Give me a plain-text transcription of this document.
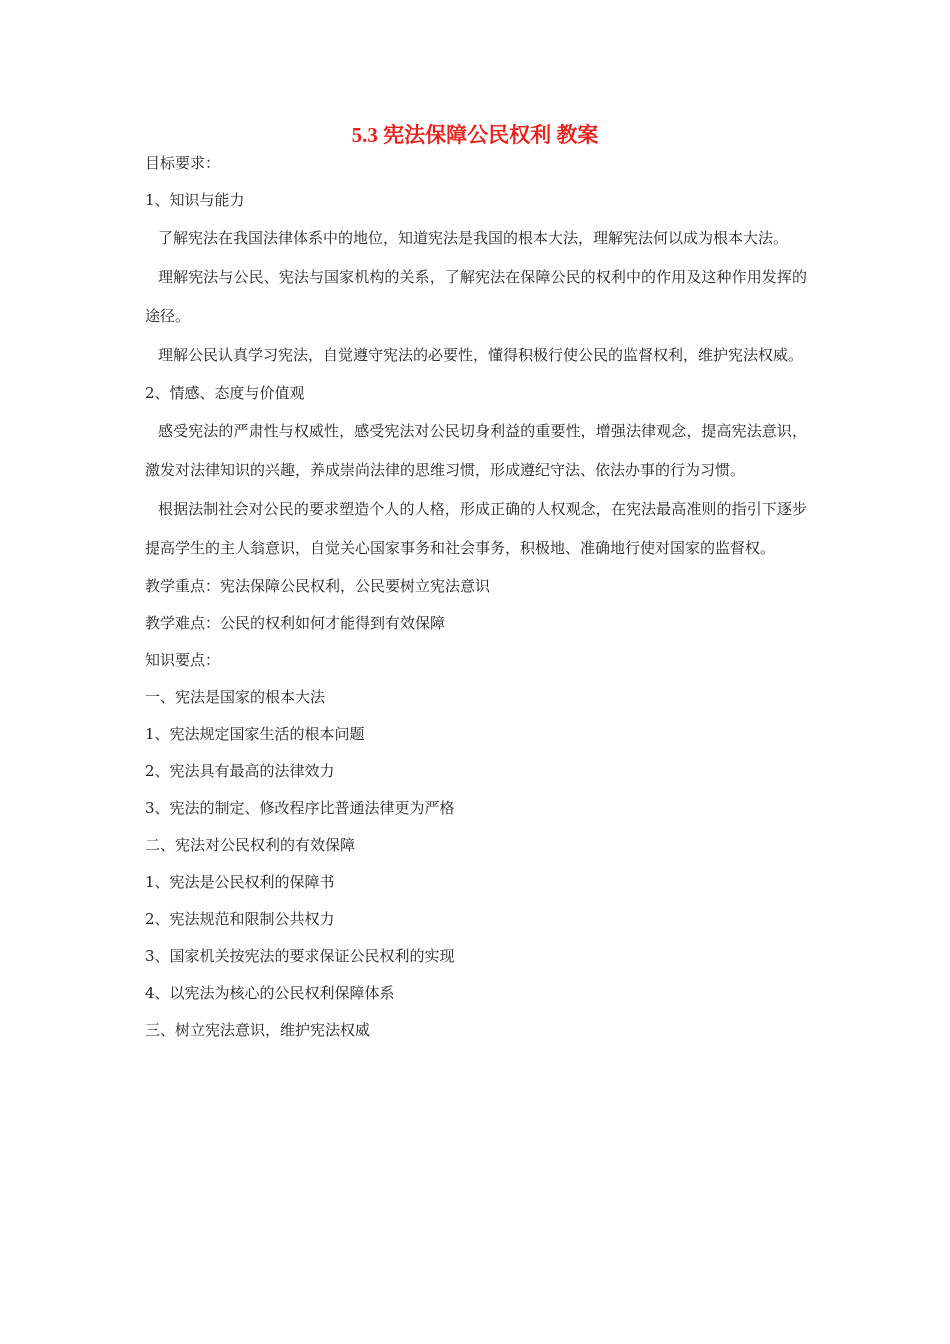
5.3 宪法保障公民权利 教案

目标要求：

1、知识与能力

了解宪法在我国法律体系中的地位，知道宪法是我国的根本大法，理解宪法何以成为根本大法。

理解宪法与公民、宪法与国家机构的关系，了解宪法在保障公民的权利中的作用及这种作用发挥的途径。

理解公民认真学习宪法，自觉遵守宪法的必要性，懂得积极行使公民的监督权利，维护宪法权威。

2、情感、态度与价值观

感受宪法的严肃性与权威性，感受宪法对公民切身利益的重要性，增强法律观念，提高宪法意识，激发对法律知识的兴趣，养成崇尚法律的思维习惯，形成遵纪守法、依法办事的行为习惯。

根据法制社会对公民的要求塑造个人的人格，形成正确的人权观念，在宪法最高准则的指引下逐步提高学生的主人翁意识，自觉关心国家事务和社会事务，积极地、准确地行使对国家的监督权。

教学重点：宪法保障公民权利，公民要树立宪法意识

教学难点：公民的权利如何才能得到有效保障

知识要点：

一、宪法是国家的根本大法

1、宪法规定国家生活的根本问题

2、宪法具有最高的法律效力

3、宪法的制定、修改程序比普通法律更为严格

二、宪法对公民权利的有效保障

1、宪法是公民权利的保障书

2、宪法规范和限制公共权力

3、国家机关按宪法的要求保证公民权利的实现

4、以宪法为核心的公民权利保障体系

三、树立宪法意识，维护宪法权威
